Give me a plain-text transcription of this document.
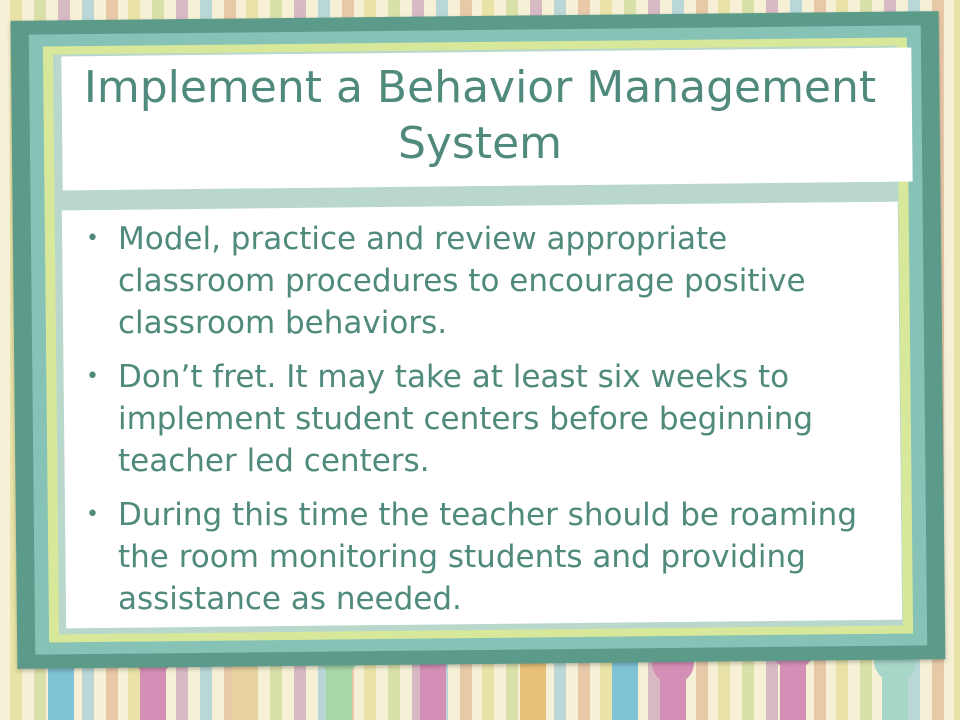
Implement a Behavior Management System
• Model, practice and review appropriate classroom procedures to encourage positive classroom behaviors.
• Don’t fret. It may take at least six weeks to implement student centers before beginning teacher led centers.
• During this time the teacher should be roaming the room monitoring students and providing assistance as needed.
